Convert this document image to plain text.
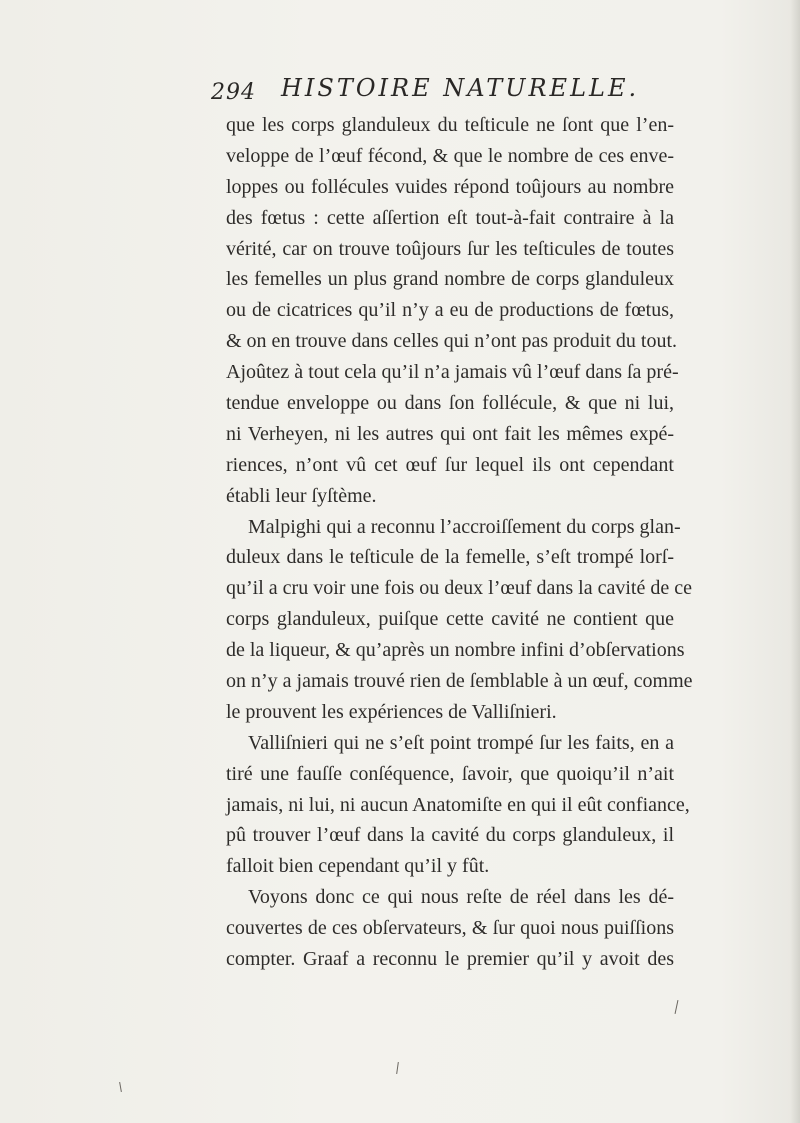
294 HISTOIRE NATURELLE.
que les corps glanduleux du teſticule ne ſont que l’en-
veloppe de l’œuf fécond, & que le nombre de ces enve-
loppes ou follécules vuides répond toûjours au nombre
des fœtus : cette aſſertion eſt tout-à-fait contraire à la
vérité, car on trouve toûjours ſur les teſticules de toutes
les femelles un plus grand nombre de corps glanduleux
ou de cicatrices qu’il n’y a eu de productions de fœtus,
& on en trouve dans celles qui n’ont pas produit du tout.
Ajoûtez à tout cela qu’il n’a jamais vû l’œuf dans ſa pré-
tendue enveloppe ou dans ſon follécule, & que ni lui,
ni Verheyen, ni les autres qui ont fait les mêmes expé-
riences, n’ont vû cet œuf ſur lequel ils ont cependant
établi leur ſyſtème.
Malpighi qui a reconnu l’accroiſſement du corps glan-
duleux dans le teſticule de la femelle, s’eſt trompé lorſ-
qu’il a cru voir une fois ou deux l’œuf dans la cavité de ce
corps glanduleux, puiſque cette cavité ne contient que
de la liqueur, & qu’après un nombre infini d’obſervations
on n’y a jamais trouvé rien de ſemblable à un œuf, comme
le prouvent les expériences de Valliſnieri.
Valliſnieri qui ne s’eſt point trompé ſur les faits, en a
tiré une fauſſe conſéquence, ſavoir, que quoiqu’il n’ait
jamais, ni lui, ni aucun Anatomiſte en qui il eût confiance,
pû trouver l’œuf dans la cavité du corps glanduleux, il
falloit bien cependant qu’il y fût.
Voyons donc ce qui nous reſte de réel dans les dé-
couvertes de ces obſervateurs, & ſur quoi nous puiſſions
compter. Graaf a reconnu le premier qu’il y avoit des
